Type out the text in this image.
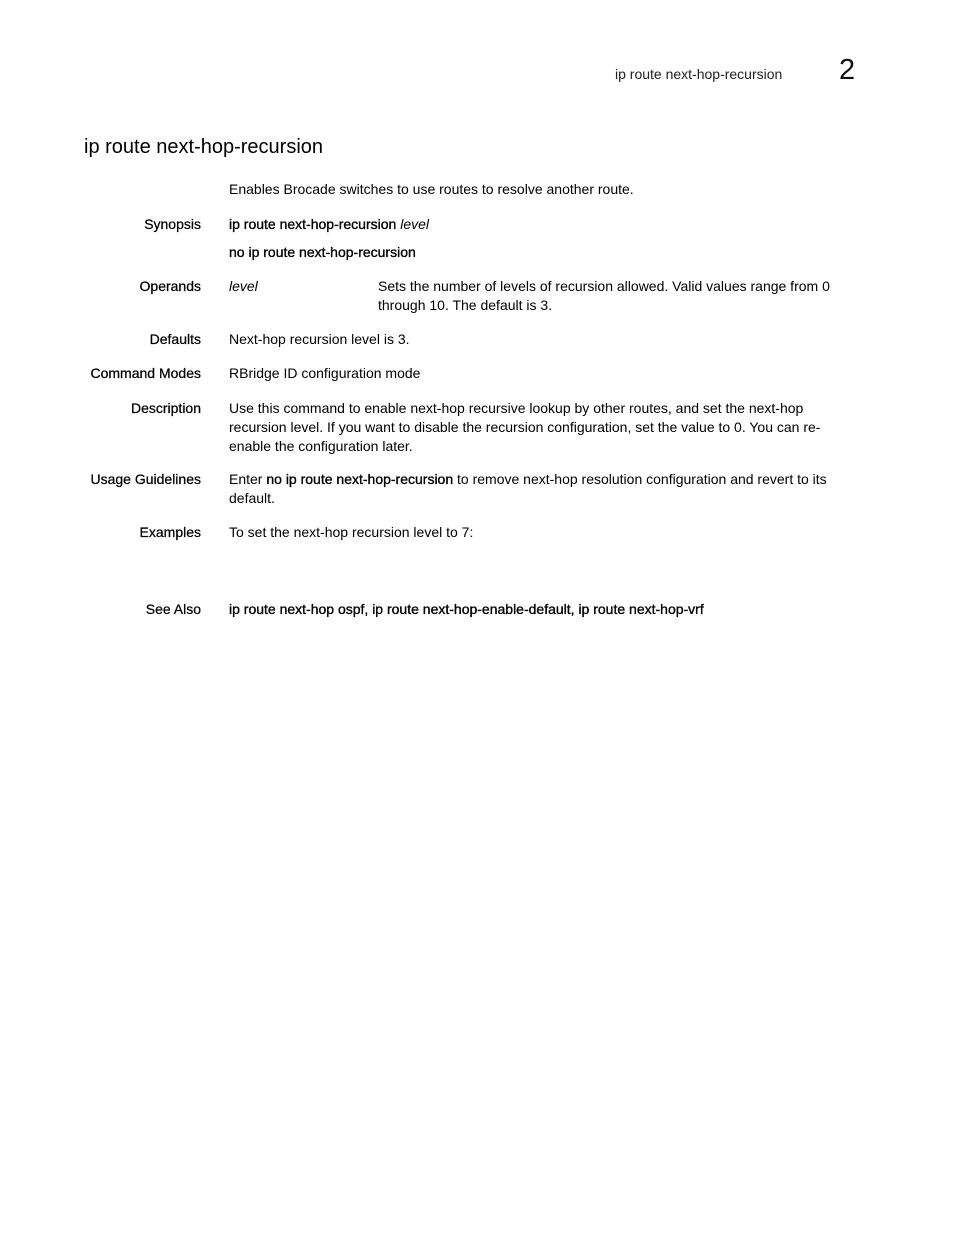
ip route next-hop-recursion 2
ip route next-hop-recursion
Enables Brocade switches to use routes to resolve another route.
Synopsis ip route next-hop-recursion level
no ip route next-hop-recursion
Operands level	Sets the number of levels of recursion allowed. Valid values range from 0 through 10. The default is 3.
Defaults Next-hop recursion level is 3.
Command Modes RBridge ID configuration mode
Description Use this command to enable next-hop recursive lookup by other routes, and set the next-hop recursion level. If you want to disable the recursion configuration, set the value to 0. You can re-enable the configuration later.
Usage Guidelines Enter no ip route next-hop-recursion to remove next-hop resolution configuration and revert to its default.
Examples To set the next-hop recursion level to 7:
See Also ip route next-hop ospf, ip route next-hop-enable-default, ip route next-hop-vrf
